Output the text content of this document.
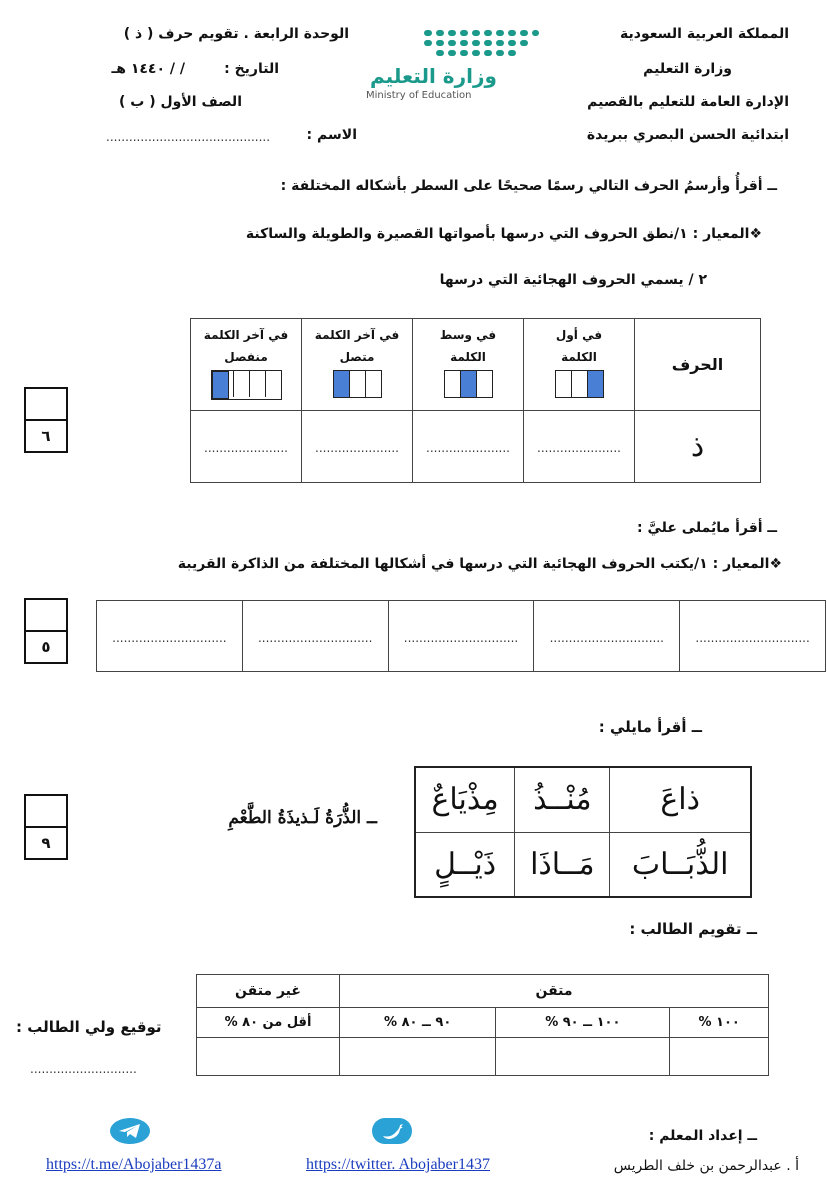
المملكة العربية السعودية
وزارة التعليم
الإدارة العامة للتعليم بالقصيم
ابتدائية الحسن البصري ببريدة
الوحدة الرابعة . تقويم حرف ( ذ )
التاريخ :
/ / ١٤٤٠ هـ
الصف الأول ( ب )
الاسم :
...........................................
وزارة التعليم
Ministry of Education
ــ أقرأُ وأرسمُ الحرف التالي رسمًا صحيحًا على السطر بأشكاله المختلفة :
❖المعيار : ١/نطق الحروف التي درسها بأصواتها القصيرة والطويلة والساكنة
٢ / يسمي الحروف الهجائية التي درسها
في آخر الكلمة منفصل	في آخر الكلمة متصل	في وسط الكلمة	في أول الكلمة	الحرف
......................	......................	......................	......................	ذ
٦
ــ أقرأ مايُملى عليَّ :
❖المعيار : ١/يكتب الحروف الهجائية التي درسها في أشكالها المختلفة من الذاكرة القريبة
..............................	..............................	..............................	..............................	..............................
٥
ــ أقرأ مايلي :
ــ الذُّرَةُ لَـذيذَةُ الطَّعْمِ
مِذْيَاعٌ	مُنْــذُ	ذاعَ
ذَيْــلٍ	مَــاذَا	الذُّبَــابَ
٩
ــ تقويم الطالب :
غير متقن	متقن		
أقل من ٨٠ %	٩٠ ــ ٨٠ %	١٠٠ ــ ٩٠ %	١٠٠ %

توقيع ولي الطالب :
............................
ــ إعداد المعلم :
أ . عبدالرحمن بن خلف الطريس
https://t.me/Abojaber1437a	https://twitter. Abojaber1437
